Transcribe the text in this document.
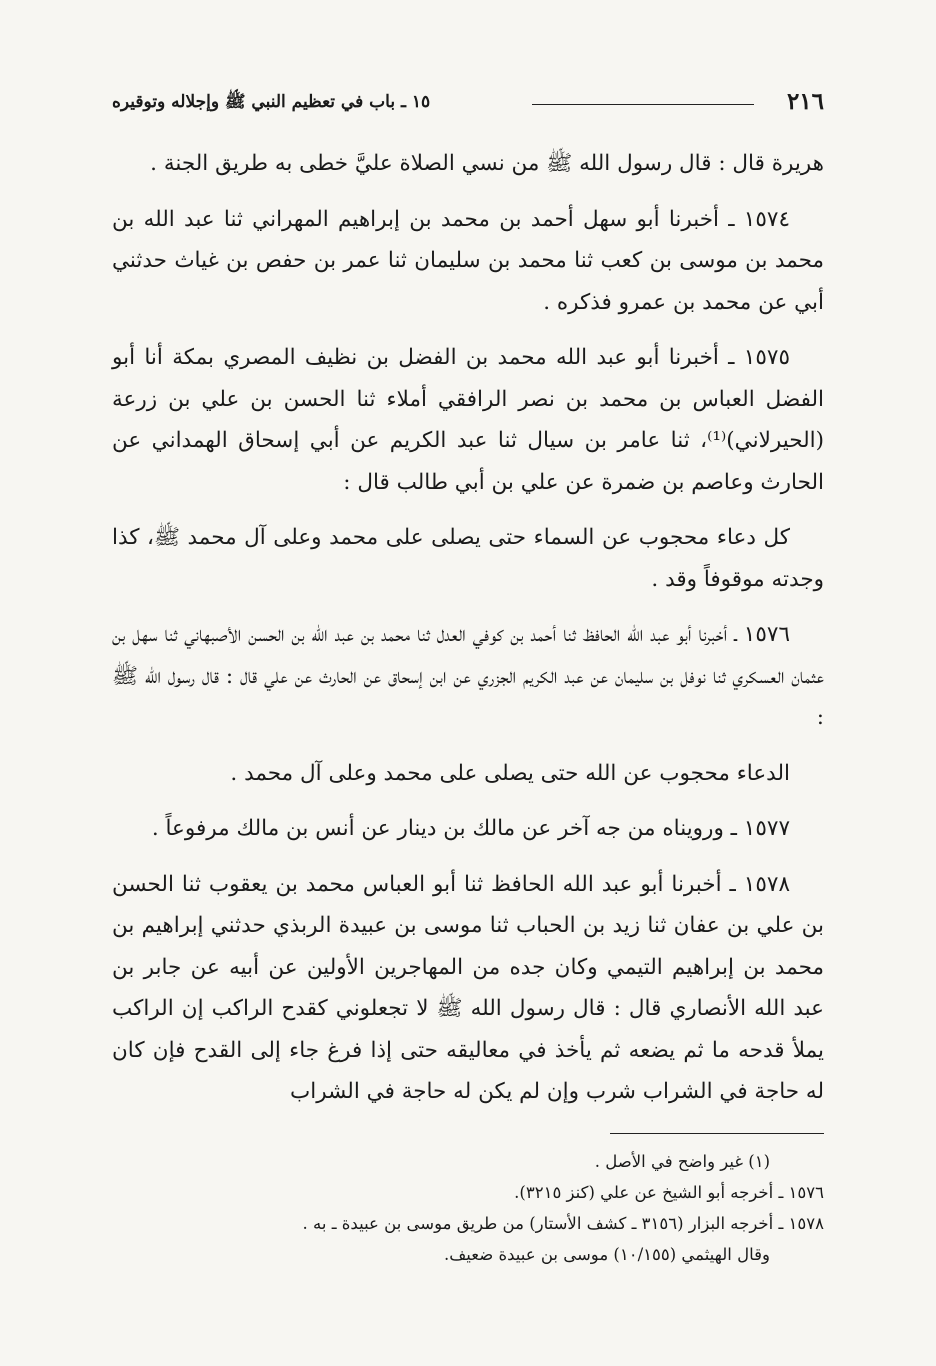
٢١٦
١٥ ـ باب في تعظيم النبي ﷺ وإجلاله وتوقيره

هريرة قال : قال رسول الله ﷺ من نسي الصلاة عليَّ خطى به طريق الجنة .

١٥٧٤ ـ أخبرنا أبو سهل أحمد بن محمد بن إبراهيم المهراني ثنا عبد الله بن محمد بن موسى بن كعب ثنا محمد بن سليمان ثنا عمر بن حفص بن غياث حدثني أبي عن محمد بن عمرو فذكره .

١٥٧٥ ـ أخبرنا أبو عبد الله محمد بن الفضل بن نظيف المصري بمكة أنا أبو الفضل العباس بن محمد بن نصر الرافقي أملاء ثنا الحسن بن علي بن زرعة (الحيرلاني)⁽¹⁾، ثنا عامر بن سيال ثنا عبد الكريم عن أبي إسحاق الهمداني عن الحارث وعاصم بن ضمرة عن علي بن أبي طالب قال :

كل دعاء محجوب عن السماء حتى يصلى على محمد وعلى آل محمد ﷺ، كذا وجدته موقوفاً وقد .

١٥٧٦ ـ أخبرنا أبو عبد الله الحافظ ثنا أحمد بن كوفي العدل ثنا محمد بن عبد الله بن الحسن الأصبهاني ثنا سهل بن عثمان العسكري ثنا نوفل بن سليمان عن عبد الكريم الجزري عن ابن إسحاق عن الحارث عن علي قال : قال رسول الله ﷺ :

الدعاء محجوب عن الله حتى يصلى على محمد وعلى آل محمد .

١٥٧٧ ـ ورويناه من جه آخر عن مالك بن دينار عن أنس بن مالك مرفوعاً .

١٥٧٨ ـ أخبرنا أبو عبد الله الحافظ ثنا أبو العباس محمد بن يعقوب ثنا الحسن بن علي بن عفان ثنا زيد بن الحباب ثنا موسى بن عبيدة الربذي حدثني إبراهيم بن محمد بن إبراهيم التيمي وكان جده من المهاجرين الأولين عن أبيه عن جابر بن عبد الله الأنصاري قال : قال رسول الله ﷺ لا تجعلوني كقدح الراكب إن الراكب يملأ قدحه ما ثم يضعه ثم يأخذ في معاليقه حتى إذا فرغ جاء إلى القدح فإن كان له حاجة في الشراب شرب وإن لم يكن له حاجة في الشراب

(١) غير واضح في الأصل .

١٥٧٦ ـ أخرجه أبو الشيخ عن علي (كنز ٣٢١٥).

١٥٧٨ ـ أخرجه البزار (٣١٥٦ ـ كشف الأستار) من طريق موسى بن عبيدة ـ به .

وقال الهيثمي (١٠/١٥٥) موسى بن عبيدة ضعيف.
